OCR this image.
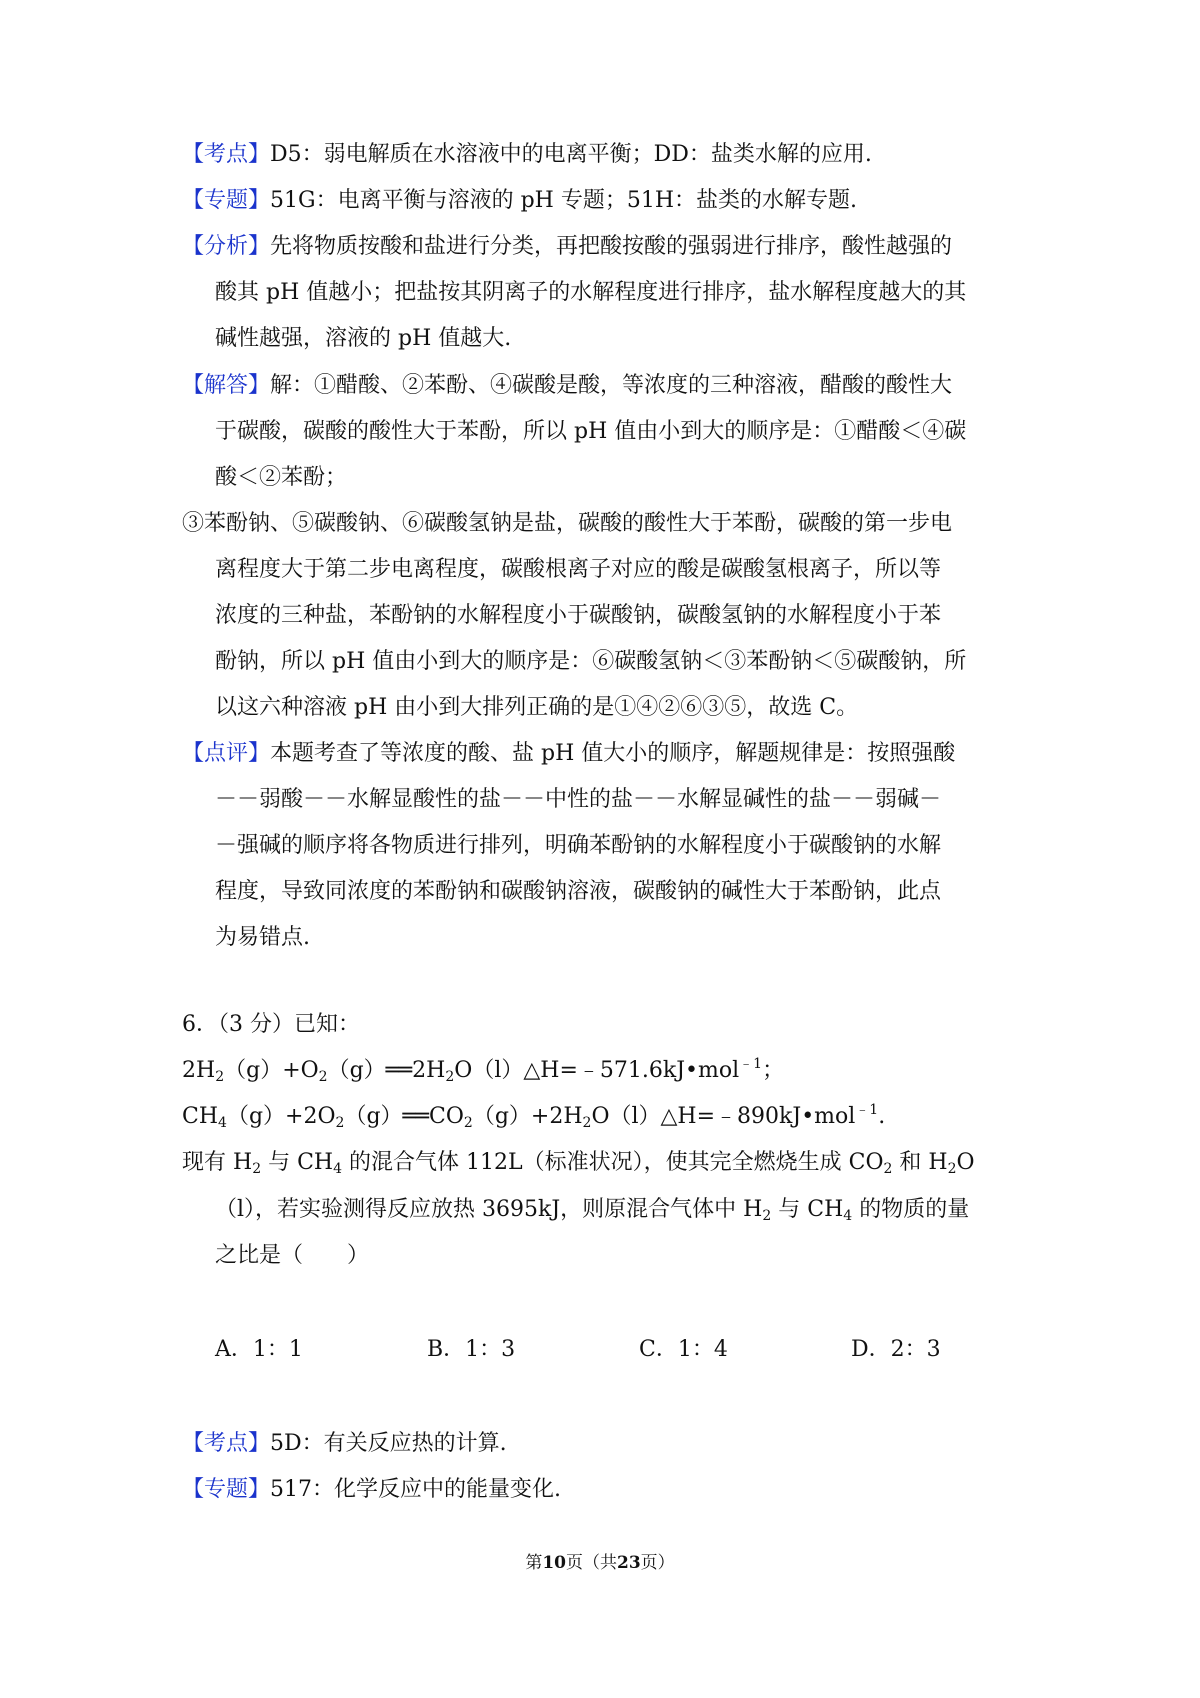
【考点】D5：弱电解质在水溶液中的电离平衡；DD：盐类水解的应用.
【专题】51G：电离平衡与溶液的 pH 专题；51H：盐类的水解专题.
【分析】先将物质按酸和盐进行分类，再把酸按酸的强弱进行排序，酸性越强的
酸其 pH 值越小；把盐按其阴离子的水解程度进行排序，盐水解程度越大的其
碱性越强，溶液的 pH 值越大.
【解答】解：①醋酸、②苯酚、④碳酸是酸，等浓度的三种溶液，醋酸的酸性大
于碳酸，碳酸的酸性大于苯酚，所以 pH 值由小到大的顺序是：①醋酸＜④碳
酸＜②苯酚；
③苯酚钠、⑤碳酸钠、⑥碳酸氢钠是盐，碳酸的酸性大于苯酚，碳酸的第一步电
离程度大于第二步电离程度，碳酸根离子对应的酸是碳酸氢根离子，所以等
浓度的三种盐，苯酚钠的水解程度小于碳酸钠，碳酸氢钠的水解程度小于苯
酚钠，所以 pH 值由小到大的顺序是：⑥碳酸氢钠＜③苯酚钠＜⑤碳酸钠，所
以这六种溶液 pH 由小到大排列正确的是①④②⑥③⑤，故选 C。
【点评】本题考查了等浓度的酸、盐 pH 值大小的顺序，解题规律是：按照强酸
－－弱酸－－水解显酸性的盐－－中性的盐－－水解显碱性的盐－－弱碱－
－强碱的顺序将各物质进行排列，明确苯酚钠的水解程度小于碳酸钠的水解
程度，导致同浓度的苯酚钠和碳酸钠溶液，碳酸钠的碱性大于苯酚钠，此点
为易错点.
6．（3 分）已知：
$2H_2(g)+O_2(g)══2H_2O(l)\triangle H=﹣571.6kJ•mol^{﹣1}$；
$CH_4(g)+2O_2(g)══CO_2(g)+2H_2O(l)\triangle H=﹣890kJ•mol^{﹣1}$.
现有 $H_2$ 与 $CH_4$ 的混合气体 112L（标准状况），使其完全燃烧生成 $CO_2$ 和 $H_2O$
（l），若实验测得反应放热 3695kJ，则原混合气体中 $H_2$ 与 $CH_4$ 的物质的量
之比是（　　）
A．1：1	B．1：3	C．1：4	D．2：3
【考点】5D：有关反应热的计算.
【专题】517：化学反应中的能量变化.
第10页（共23页）
